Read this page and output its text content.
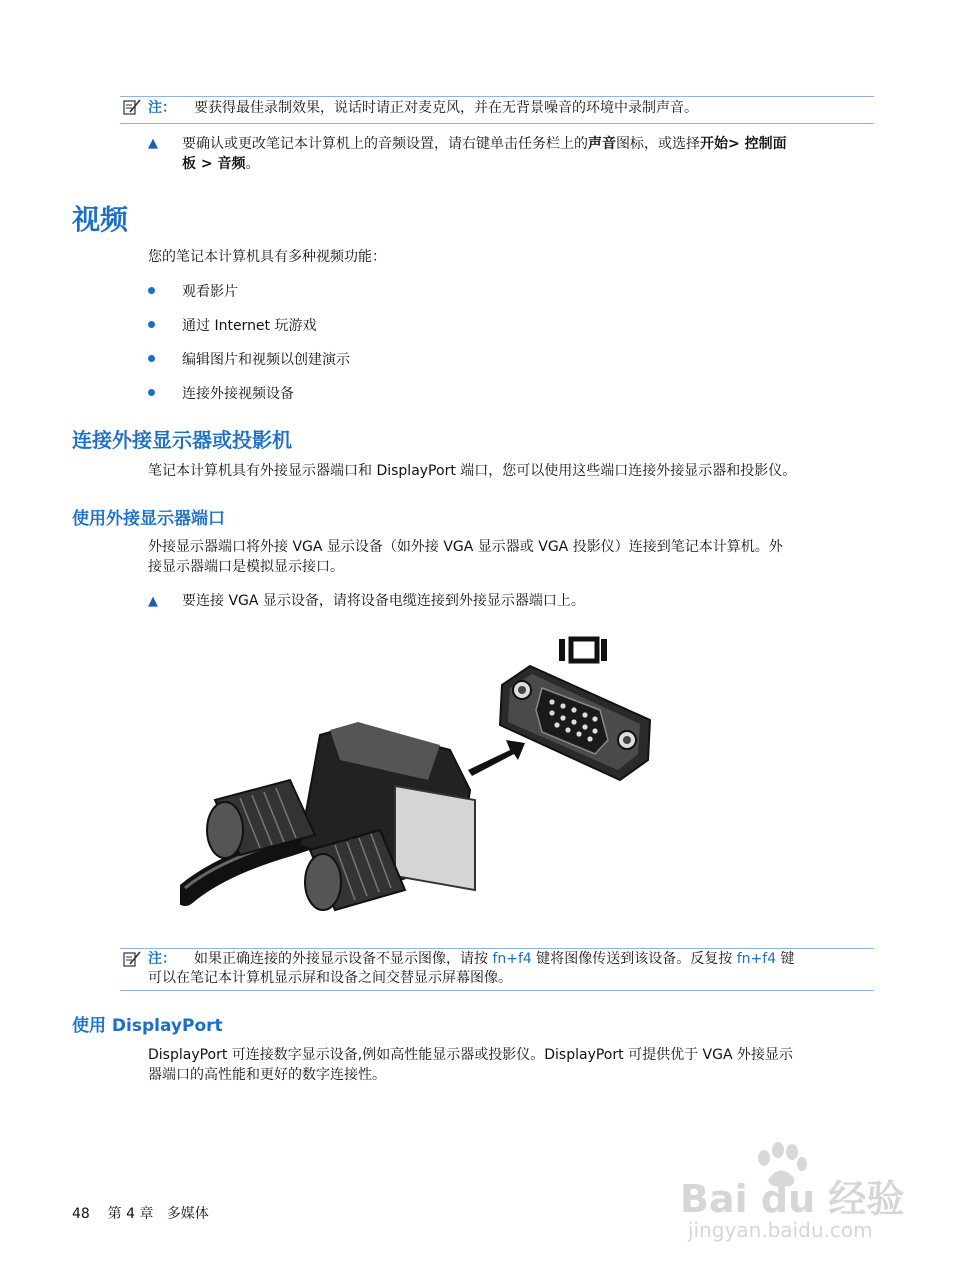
注： 要获得最佳录制效果，说话时请正对麦克风，并在无背景噪音的环境中录制声音。
▲ 要确认或更改笔记本计算机上的音频设置，请右键单击任务栏上的声音图标，或选择开始> 控制面
板 > 音频。
视频
您的笔记本计算机具有多种视频功能：
观看影片
通过 Internet 玩游戏
编辑图片和视频以创建演示
连接外接视频设备
连接外接显示器或投影机
笔记本计算机具有外接显示器端口和 DisplayPort 端口，您可以使用这些端口连接外接显示器和投影仪。
使用外接显示器端口
外接显示器端口将外接 VGA 显示设备（如外接 VGA 显示器或 VGA 投影仪）连接到笔记本计算机。外
接显示器端口是模拟显示接口。
▲ 要连接 VGA 显示设备，请将设备电缆连接到外接显示器端口上。
注： 如果正确连接的外接显示设备不显示图像，请按 fn+f4 键将图像传送到该设备。反复按 fn+f4 键
可以在笔记本计算机显示屏和设备之间交替显示屏幕图像。
使用 DisplayPort
DisplayPort 可连接数字显示设备,例如高性能显示器或投影仪。DisplayPort 可提供优于 VGA 外接显示
器端口的高性能和更好的数字连接性。
48 第 4 章   多媒体	Bai du 经验
jingyan.baidu.com
